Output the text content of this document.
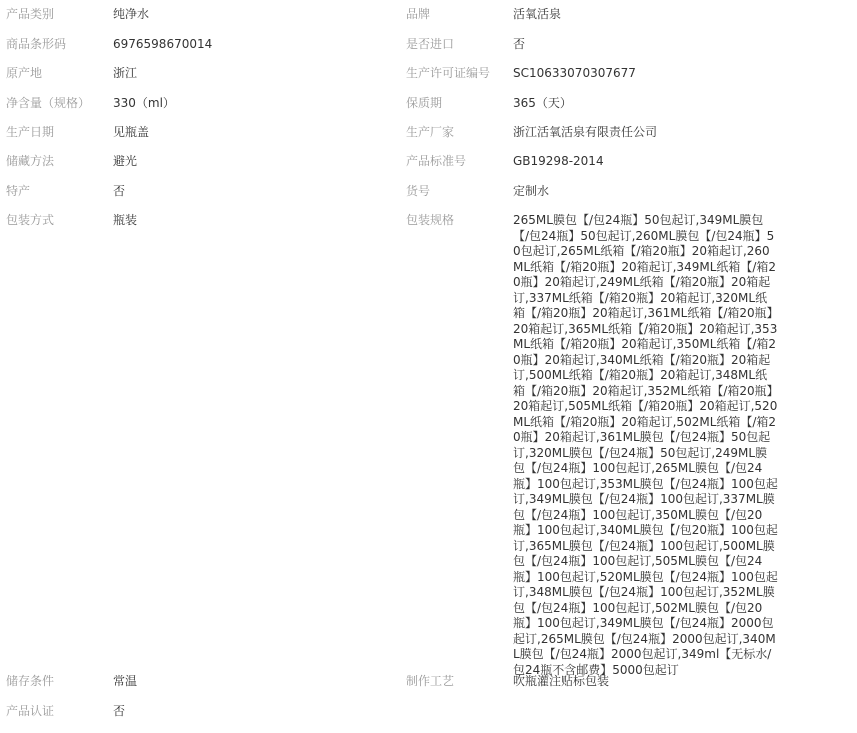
产品类别	纯净水	品牌	活氧活泉
商品条形码	6976598670014	是否进口	否
原产地	浙江	生产许可证编号 SC10633070307677
净含量（规格） 330（ml）	保质期	365（天）
生产日期	见瓶盖	生产厂家	浙江活氧活泉有限责任公司
储藏方法	避光	产品标准号	GB19298-2014
特产	否	货号	定制水
包装方式	瓶装	包装规格	265ML膜包【/包24瓶】50包起订,349ML膜包【/包24瓶】50包起订,260ML膜包【/包24瓶】50包起订,265ML纸箱【/箱20瓶】20箱起订,260ML纸箱【/箱20瓶】20箱起订,349ML纸箱【/箱20瓶】20箱起订,249ML纸箱【/箱20瓶】20箱起订,337ML纸箱【/箱20瓶】20箱起订,320ML纸箱【/箱20瓶】20箱起订,361ML纸箱【/箱20瓶】20箱起订,365ML纸箱【/箱20瓶】20箱起订,353ML纸箱【/箱20瓶】20箱起订,350ML纸箱【/箱20瓶】20箱起订,340ML纸箱【/箱20瓶】20箱起订,500ML纸箱【/箱20瓶】20箱起订,348ML纸箱【/箱20瓶】20箱起订,352ML纸箱【/箱20瓶】20箱起订,505ML纸箱【/箱20瓶】20箱起订,520ML纸箱【/箱20瓶】20箱起订,502ML纸箱【/箱20瓶】20箱起订,361ML膜包【/包24瓶】50包起订,320ML膜包【/包24瓶】50包起订,249ML膜包【/包24瓶】100包起订,265ML膜包【/包24瓶】100包起订,353ML膜包【/包24瓶】100包起订,349ML膜包【/包24瓶】100包起订,337ML膜包【/包24瓶】100包起订,350ML膜包【/包20瓶】100包起订,340ML膜包【/包20瓶】100包起订,365ML膜包【/包24瓶】100包起订,500ML膜包【/包24瓶】100包起订,505ML膜包【/包24瓶】100包起订,520ML膜包【/包24瓶】100包起订,348ML膜包【/包24瓶】100包起订,352ML膜包【/包24瓶】100包起订,502ML膜包【/包20瓶】100包起订,349ML膜包【/包24瓶】2000包起订,265ML膜包【/包24瓶】2000包起订,340ML膜包【/包24瓶】2000包起订,349ml【无标水/包24瓶不含邮费】5000包起订
储存条件	常温	制作工艺	吹瓶灌注贴标包装
产品认证	否
